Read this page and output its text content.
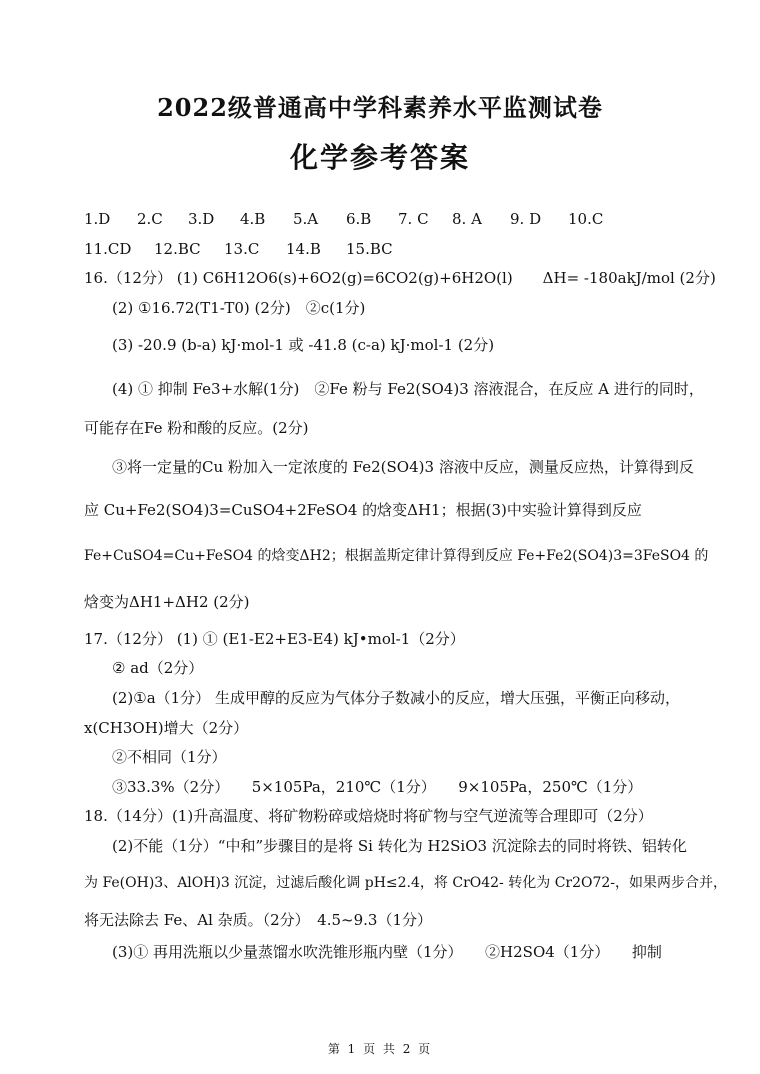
2022级普通高中学科素养水平监测试卷
化学参考答案
1.D 2.C 3.D 4.B 5.A 6.B 7. C 8. A 9. D 10.C
11.CD 12.BC 13.C 14.B 15.BC
16.（12分） (1) C6H12O6(s)+6O2(g)=6CO2(g)+6H2O(l)　　ΔH= -180akJ/mol (2分)
(2) ①16.72(T1-T0) (2分)　②c(1分)
(3) -20.9 (b-a) kJ·mol-1 或 -41.8 (c-a) kJ·mol-1 (2分)
(4) ① 抑制 Fe3+水解(1分)　②Fe 粉与 Fe2(SO4)3 溶液混合，在反应 A 进行的同时，
可能存在Fe 粉和酸的反应。(2分)
③将一定量的Cu 粉加入一定浓度的 Fe2(SO4)3 溶液中反应，测量反应热，计算得到反
应 Cu+Fe2(SO4)3=CuSO4+2FeSO4 的焓变ΔH1；根据(3)中实验计算得到反应
Fe+CuSO4=Cu+FeSO4 的焓变ΔH2；根据盖斯定律计算得到反应 Fe+Fe2(SO4)3=3FeSO4 的
焓变为ΔH1+ΔH2 (2分)
17.（12分） (1) ① (E1-E2+E3-E4) kJ•mol-1（2分）
② ad（2分）
(2)①a（1分） 生成甲醇的反应为气体分子数减小的反应，增大压强，平衡正向移动，
x(CH3OH)增大（2分）
②不相同（1分）
③33.3%（2分）　　5×105Pa，210℃（1分）　　9×105Pa，250℃（1分）
18.（14分）(1)升高温度、将矿物粉碎或焙烧时将矿物与空气逆流等合理即可（2分）
(2)不能（1分）“中和”步骤目的是将 Si 转化为 H2SiO3 沉淀除去的同时将铁、铝转化
为 Fe(OH)3、AlOH)3 沉淀，过滤后酸化调 pH≤2.4，将 CrO42- 转化为 Cr2O72-，如果两步合并，
将无法除去 Fe、Al 杂质。（2分）　4.5~9.3（1分）
(3)① 再用洗瓶以少量蒸馏水吹洗锥形瓶内壁（1分）　　②H2SO4（1分）　　抑制
第 1 页 共 2 页
